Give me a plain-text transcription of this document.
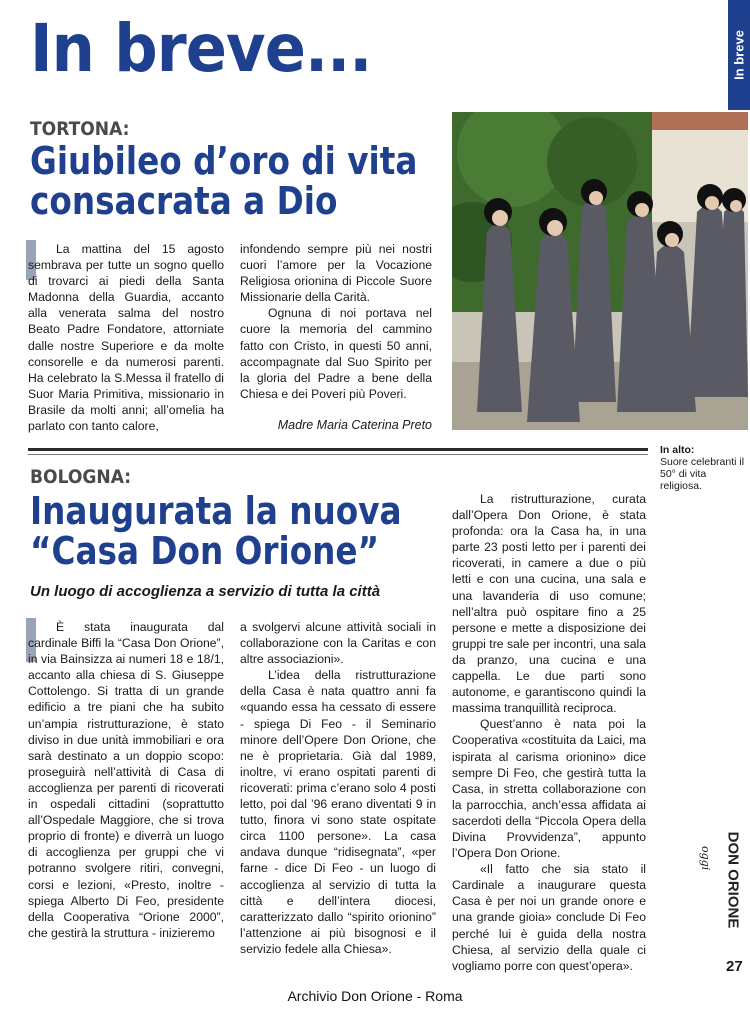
In breve...	In breve
TORTONA:
Giubileo d’oro di vita
consacrata a Dio

La mattina del 15 agosto sembrava per tutte un sogno quello di trovarci ai piedi della Santa Madonna della Guardia, accanto alla venerata salma del nostro Beato Padre Fondatore, attorniate dalle nostre Superiore e da molte consorelle e da numerosi parenti. Ha celebrato la S.Messa il fratello di Suor Maria Primitiva, missionario in Brasile da molti anni; all’omelia ha parlato con tanto calore,

infondendo sempre più nei nostri cuori l’amore per la Vocazione Religiosa orionina di Piccole Suore Missionarie della Carità.

Ognuna di noi portava nel cuore la memoria del cammino fatto con Cristo, in questi 50 anni, accompagnate dal Suo Spirito per la gloria del Padre a bene della Chiesa e dei Poveri più Poveri.

Madre Maria Caterina Preto
In alto:
Suore celebranti il 50° di vita religiosa.
BOLOGNA:
Inaugurata la nuova
“Casa Don Orione”
Un luogo di accoglienza a servizio di tutta la città

È stata inaugurata dal cardinale Biffi la “Casa Don Orione”, in via Bainsizza ai numeri 18 e 18/1, accanto alla chiesa di S. Giuseppe Cottolengo. Si tratta di un grande edificio a tre piani che ha subito un’ampia ristrutturazione, è stato diviso in due unità immobiliari e ora sarà destinato a un doppio scopo: proseguirà nell’attività di Casa di accoglienza per parenti di ricoverati in ospedali cittadini (soprattutto all’Ospedale Maggiore, che si trova proprio di fronte) e diverrà un luogo di accoglienza per gruppi che vi potranno svolgere ritiri, convegni, corsi e lezioni, «Presto, inoltre - spiega Alberto Di Feo, presidente della Cooperativa “Orione 2000”, che gestirà la struttura - inizieremo

a svolgervi alcune attività sociali in collaborazione con la Caritas e con altre associazioni».

L’idea della ristrutturazione della Casa è nata quattro anni fa «quando essa ha cessato di essere - spiega Di Feo - il Seminario minore dell’Opere Don Orione, che ne è proprietaria. Già dal 1989, inoltre, vi erano ospitati parenti di ricoverati: prima c’erano solo 4 posti letto, poi dal ’96 erano diventati 9 in tutto, finora vi sono state ospitate circa 1100 persone». La casa andava dunque “ridisegnata”, «per farne - dice Di Feo - un luogo di accoglienza al servizio di tutta la città e dell’intera diocesi, caratterizzato dallo “spirito orionino” l’attenzione ai più bisognosi e il servizio fedele alla Chiesa».

La ristrutturazione, curata dall’Opera Don Orione, è stata profonda: ora la Casa ha, in una parte 23 posti letto per i parenti dei ricoverati, in camere a due o più letti e con una cucina, una sala e una lavanderia di uso comune; nell’altra può ospitare fino a 25 persone e mette a disposizione dei gruppi tre sale per incontri, una sala da pranzo, una cucina e una cappella. Le due parti sono autonome, e garantiscono quindi la massima tranquillità reciproca.

Quest’anno è nata poi la Cooperativa «costituita da Laici, ma ispirata al carisma orionino» dice sempre Di Feo, che gestirà tutta la Casa, in stretta collaborazione con la parrocchia, anch’essa affidata ai sacerdoti della “Piccola Opera della Divina Provvidenza”, appunto l’Opera Don Orione.

«Il fatto che sia stato il Cardinale a inaugurare questa Casa è per noi un grande onore e una grande gioia» conclude Di Feo perché lui è guida della nostra Chiesa, al servizio della quale ci vogliamo porre con quest’opera».

DON ORIONE
oggi
27
Archivio Don Orione - Roma
